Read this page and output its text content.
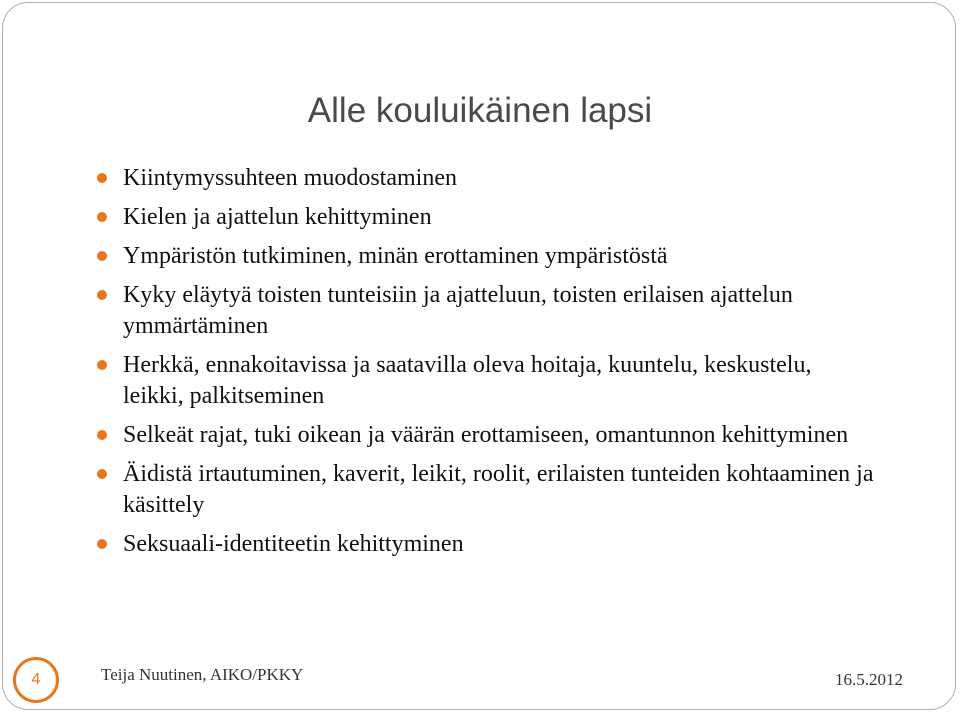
Alle kouluikäinen lapsi
Kiintymyssuhteen muodostaminen
Kielen ja ajattelun kehittyminen
Ympäristön tutkiminen, minän erottaminen ympäristöstä
Kyky eläytyä toisten tunteisiin ja ajatteluun, toisten erilaisen ajattelun ymmärtäminen
Herkkä, ennakoitavissa ja saatavilla oleva hoitaja, kuuntelu, keskustelu, leikki, palkitseminen
Selkeät rajat, tuki oikean ja väärän erottamiseen, omantunnon kehittyminen
Äidistä irtautuminen, kaverit, leikit, roolit, erilaisten tunteiden kohtaaminen ja käsittely
Seksuaali-identiteetin kehittyminen
4	Teija Nuutinen, AIKO/PKKY	16.5.2012
